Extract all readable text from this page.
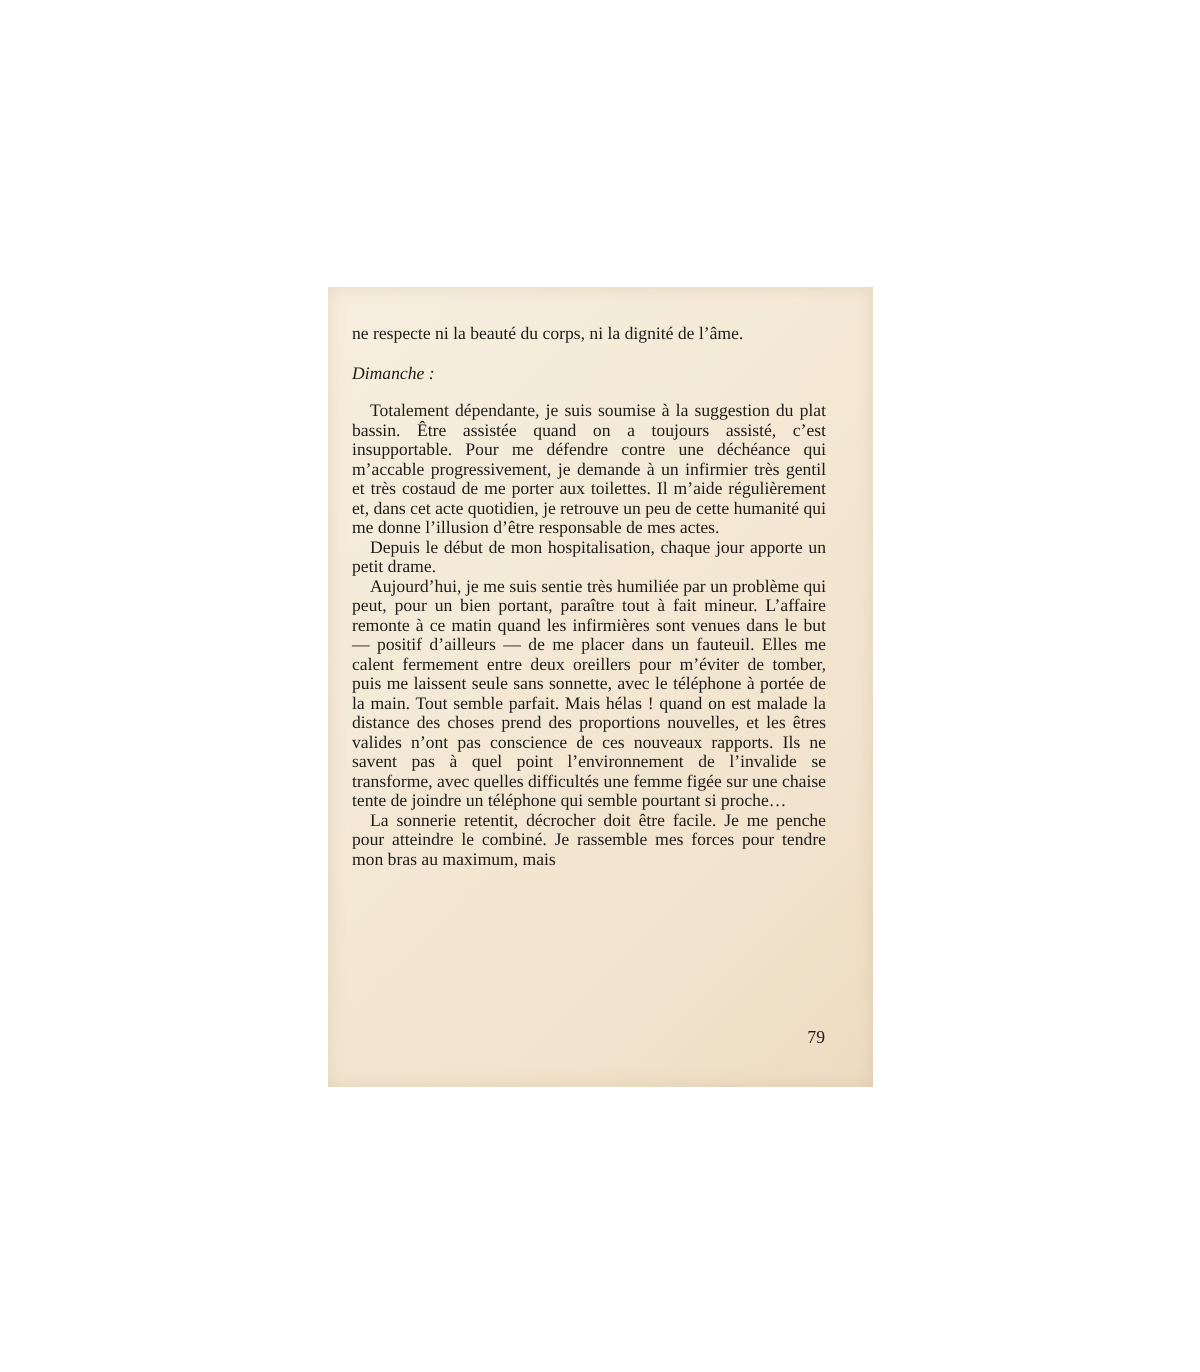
ne respecte ni la beauté du corps, ni la dignité de l’âme.

Dimanche :

Totalement dépendante, je suis soumise à la suggestion du plat bassin. Être assistée quand on a toujours assisté, c’est insupportable. Pour me défendre contre une déchéance qui m’accable progressivement, je demande à un infirmier très gentil et très costaud de me porter aux toilettes. Il m’aide régulièrement et, dans cet acte quotidien, je retrouve un peu de cette humanité qui me donne l’illusion d’être responsable de mes actes.

Depuis le début de mon hospitalisation, chaque jour apporte un petit drame.

Aujourd’hui, je me suis sentie très humiliée par un problème qui peut, pour un bien portant, paraître tout à fait mineur. L’affaire remonte à ce matin quand les infirmières sont venues dans le but — positif d’ailleurs — de me placer dans un fauteuil. Elles me calent fermement entre deux oreillers pour m’éviter de tomber, puis me laissent seule sans sonnette, avec le téléphone à portée de la main. Tout semble parfait. Mais hélas ! quand on est malade la distance des choses prend des proportions nouvelles, et les êtres valides n’ont pas conscience de ces nouveaux rapports. Ils ne savent pas à quel point l’environnement de l’invalide se transforme, avec quelles difficultés une femme figée sur une chaise tente de joindre un téléphone qui semble pourtant si proche…

La sonnerie retentit, décrocher doit être facile. Je me penche pour atteindre le combiné. Je rassemble mes forces pour tendre mon bras au maximum, mais

79
